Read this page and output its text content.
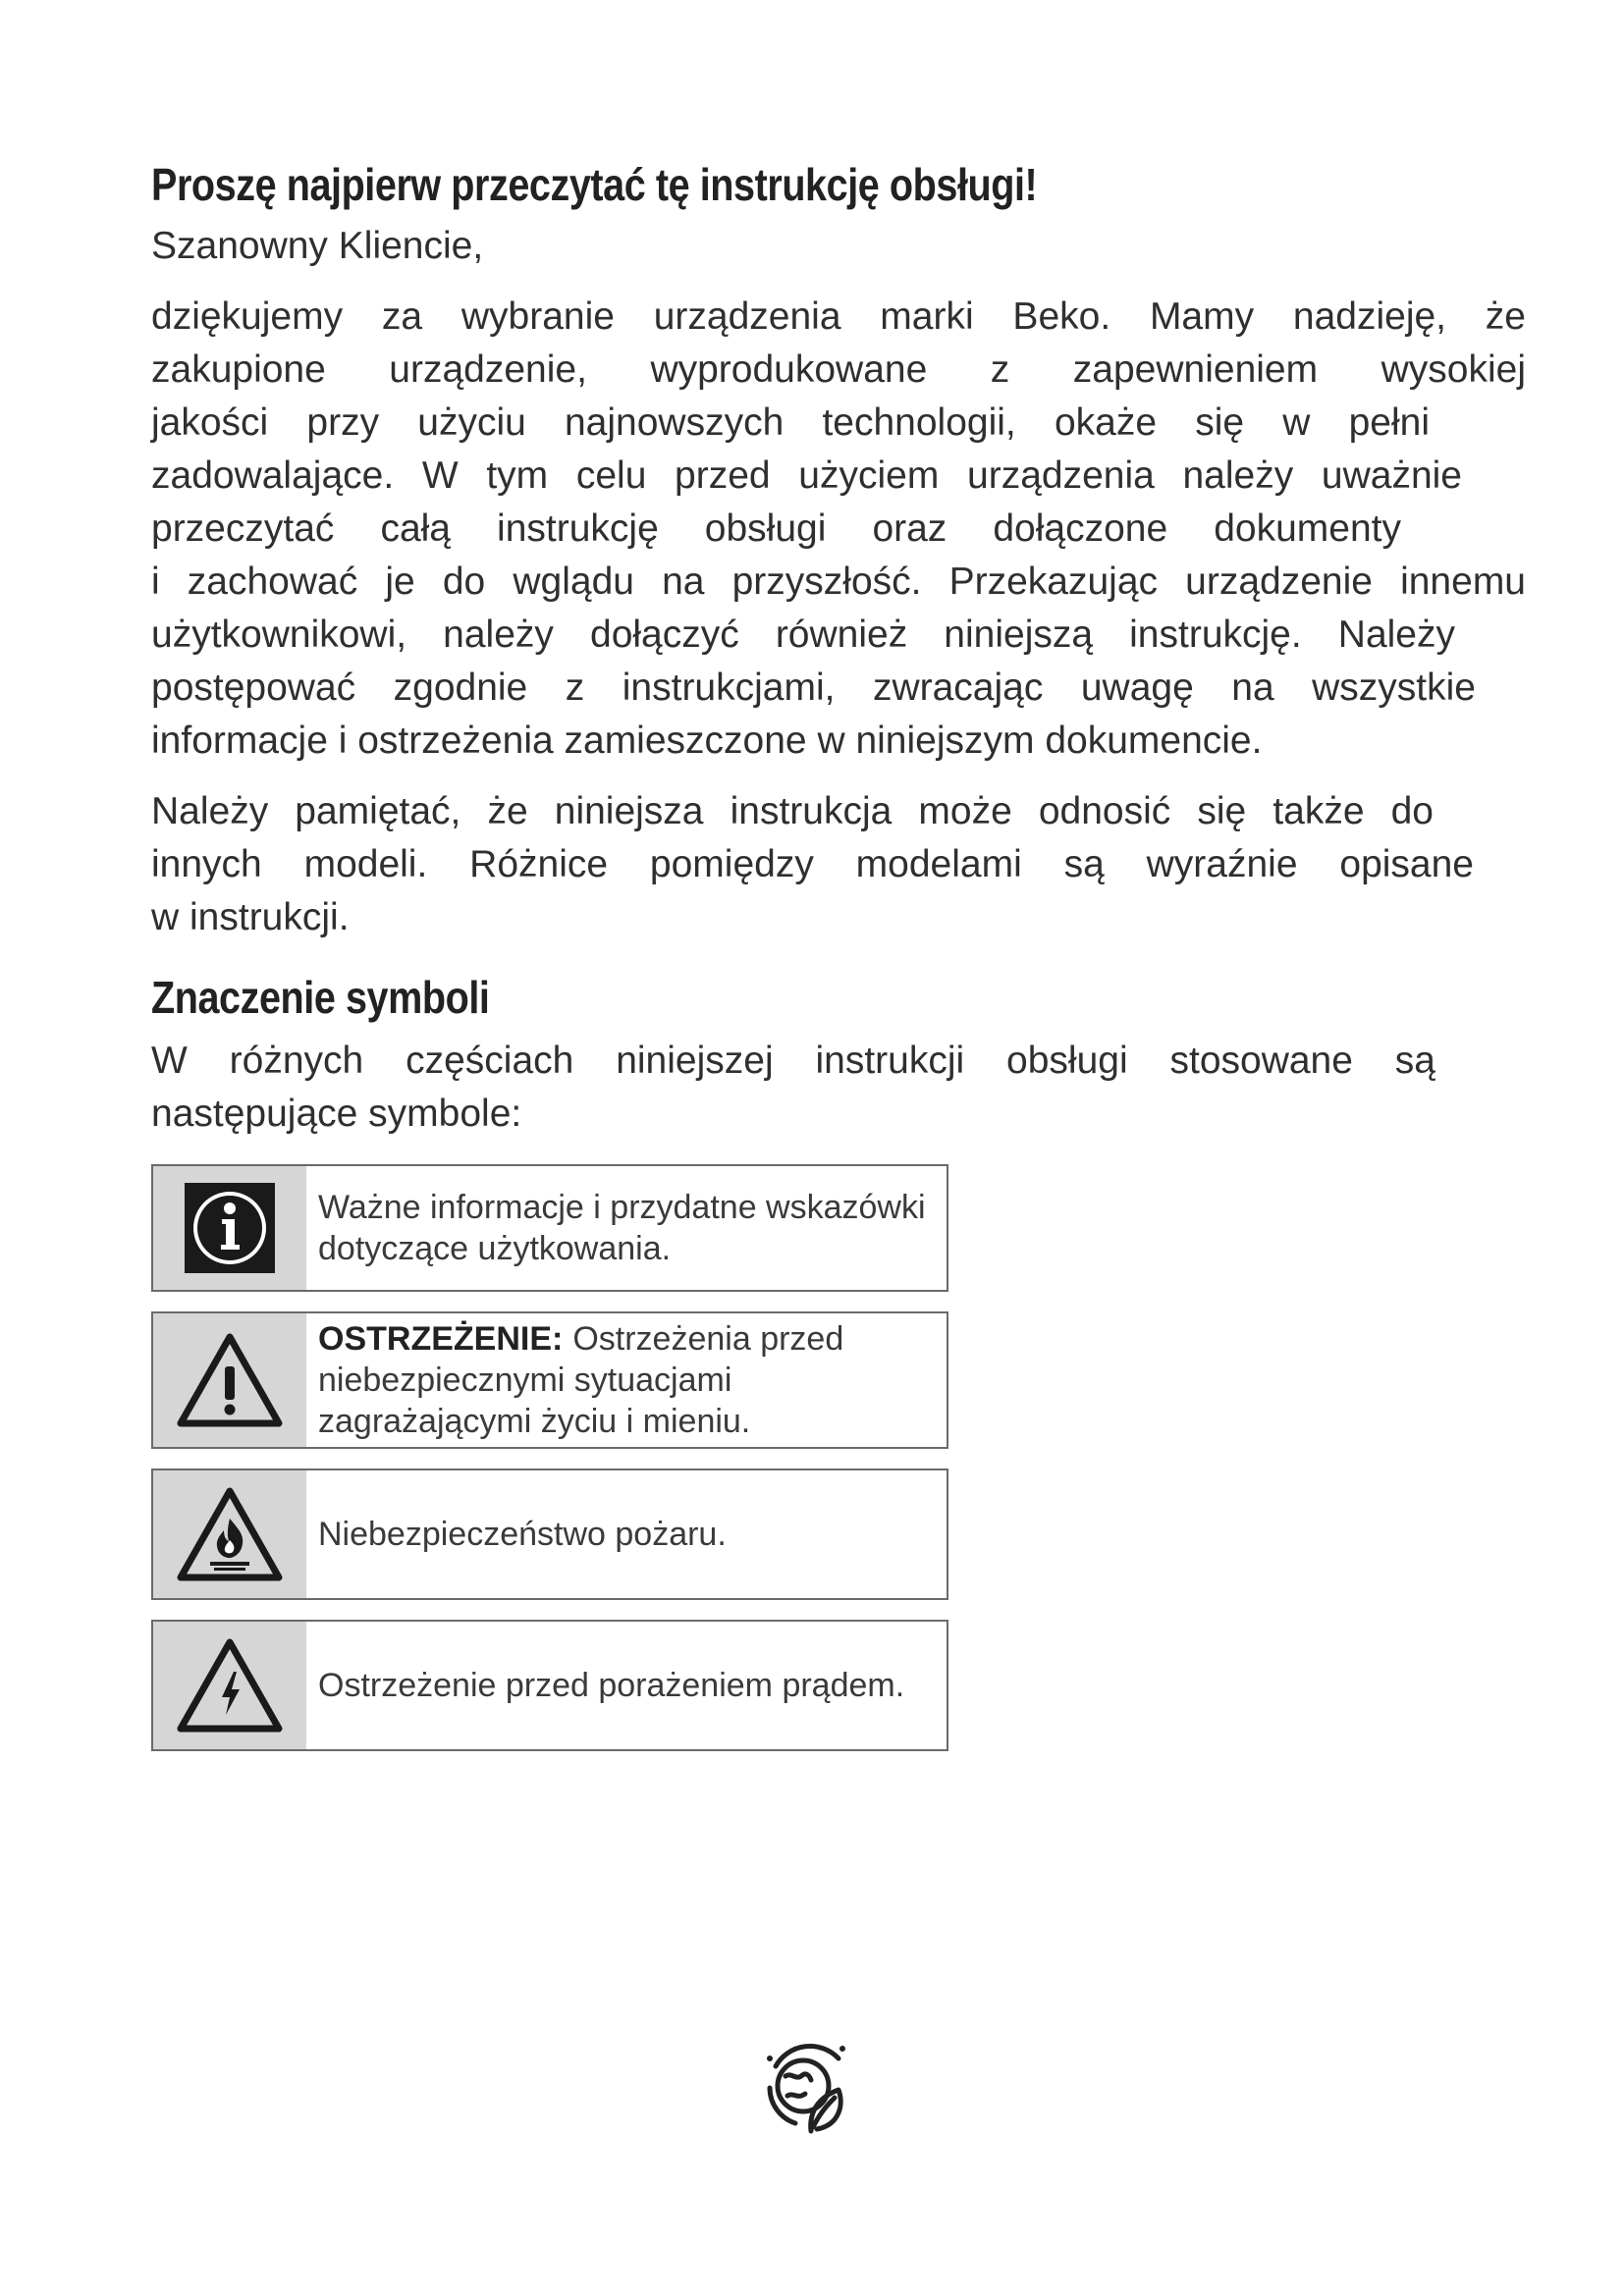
Proszę najpierw przeczytać tę instrukcję obsługi!

Szanowny Kliencie,

dziękujemy za wybranie urządzenia marki Beko. Mamy nadzieję, że
zakupione urządzenie, wyprodukowane z zapewnieniem wysokiej
jakości przy użyciu najnowszych technologii, okaże się w pełni
zadowalające. W tym celu przed użyciem urządzenia należy uważnie
przeczytać całą instrukcję obsługi oraz dołączone dokumenty
i zachować je do wglądu na przyszłość. Przekazując urządzenie innemu
użytkownikowi, należy dołączyć również niniejszą instrukcję. Należy
postępować zgodnie z instrukcjami, zwracając uwagę na wszystkie
informacje i ostrzeżenia zamieszczone w niniejszym dokumencie.

Należy pamiętać, że niniejsza instrukcja może odnosić się także do
innych modeli. Różnice pomiędzy modelami są wyraźnie opisane
w instrukcji.

Znaczenie symboli

W różnych częściach niniejszej instrukcji obsługi stosowane są
następujące symbole:

Ważne informacje i przydatne wskazówki dotyczące użytkowania.
OSTRZEŻENIE: Ostrzeżenia przed niebezpiecznymi sytuacjami zagrażającymi życiu i mieniu.
Niebezpieczeństwo pożaru.
Ostrzeżenie przed porażeniem prądem.
